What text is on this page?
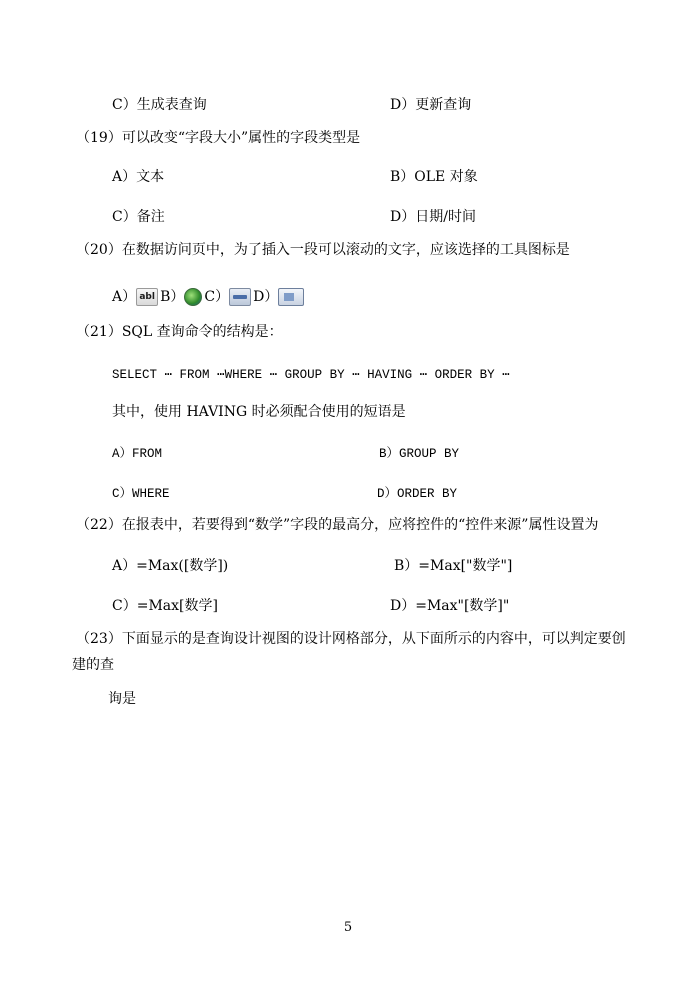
C）生成表查询	D）更新查询
（19）可以改变“字段大小”属性的字段类型是
A）文本	B）OLE 对象
C）备注	D）日期/时间
（20）在数据访问页中，为了插入一段可以滚动的文字，应该选择的工具图标是
A） abl B） C） D）
（21）SQL 查询命令的结构是：
SELECT ⋯ FROM ⋯WHERE ⋯ GROUP BY ⋯ HAVING ⋯ ORDER BY ⋯
其中，使用 HAVING 时必须配合使用的短语是
A）FROM	B）GROUP BY
C）WHERE	D）ORDER BY
（22）在报表中，若要得到“数学”字段的最高分，应将控件的“控件来源”属性设置为
A）=Max([数学])	B）=Max["数学"]
C）=Max[数学]	D）=Max"[数学]"
（23）下面显示的是查询设计视图的设计网格部分，从下面所示的内容中，可以判定要创
建的查
询是
5
